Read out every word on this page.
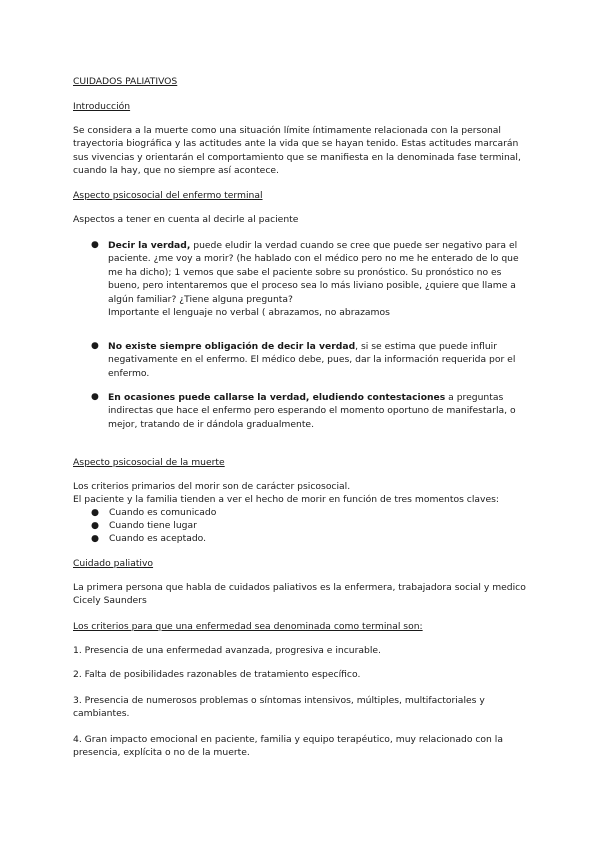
CUIDADOS PALIATIVOS

Introducción

Se considera a la muerte como una situación límite íntimamente relacionada con la personal trayectoria biográfica y las actitudes ante la vida que se hayan tenido. Estas actitudes marcarán sus vivencias y orientarán el comportamiento que se manifiesta en la denominada fase terminal, cuando la hay, que no siempre así acontece.

Aspecto psicosocial del enfermo terminal

Aspectos a tener en cuenta al decirle al paciente

● Decir la verdad, puede eludir la verdad cuando se cree que puede ser negativo para el paciente. ¿me voy a morir? (he hablado con el médico pero no me he enterado de lo que me ha dicho); 1 vemos que sabe el paciente sobre su pronóstico. Su pronóstico no es bueno, pero intentaremos que el proceso sea lo más liviano posible, ¿quiere que llame a algún familiar? ¿Tiene alguna pregunta?
Importante el lenguaje no verbal ( abrazamos, no abrazamos

● No existe siempre obligación de decir la verdad, si se estima que puede influir negativamente en el enfermo. El médico debe, pues, dar la información requerida por el enfermo.

● En ocasiones puede callarse la verdad, eludiendo contestaciones a preguntas indirectas que hace el enfermo pero esperando el momento oportuno de manifestarla, o mejor, tratando de ir dándola gradualmente.

Aspecto psicosocial de la muerte

Los criterios primarios del morir son de carácter psicosocial.

El paciente y la familia tienden a ver el hecho de morir en función de tres momentos claves:

● Cuando es comunicado
● Cuando tiene lugar
● Cuando es aceptado.

Cuidado paliativo

La primera persona que habla de cuidados paliativos es la enfermera, trabajadora social y medico Cicely Saunders

Los criterios para que una enfermedad sea denominada como terminal son:

1. Presencia de una enfermedad avanzada, progresiva e incurable.

2. Falta de posibilidades razonables de tratamiento específico.

3. Presencia de numerosos problemas o síntomas intensivos, múltiples, multifactoriales y cambiantes.

4. Gran impacto emocional en paciente, familia y equipo terapéutico, muy relacionado con la presencia, explícita o no de la muerte.
